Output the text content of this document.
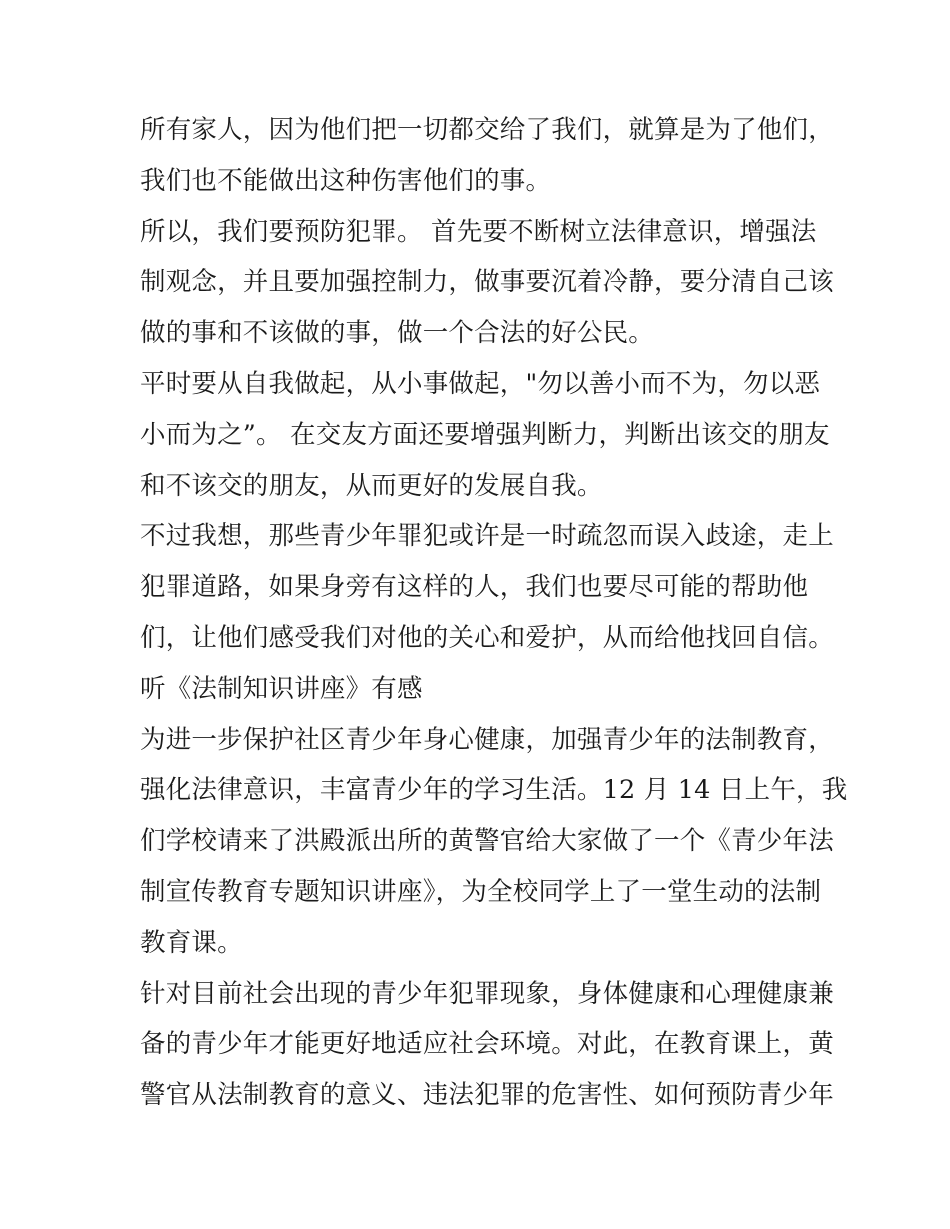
所有家人，因为他们把一切都交给了我们，就算是为了他们，
我们也不能做出这种伤害他们的事。

所以，我们要预防犯罪。 首先要不断树立法律意识，增强法
制观念，并且要加强控制力，做事要沉着冷静，要分清自己该
做的事和不该做的事，做一个合法的好公民。

平时要从自我做起，从小事做起，"勿以善小而不为，勿以恶
小而为之”。 在交友方面还要增强判断力，判断出该交的朋友
和不该交的朋友，从而更好的发展自我。

不过我想，那些青少年罪犯或许是一时疏忽而误入歧途，走上
犯罪道路，如果身旁有这样的人，我们也要尽可能的帮助他
们，让他们感受我们对他的关心和爱护，从而给他找回自信。

听《法制知识讲座》有感

为进一步保护社区青少年身心健康，加强青少年的法制教育，
强化法律意识，丰富青少年的学习生活。12 月 14 日上午，我
们学校请来了洪殿派出所的黄警官给大家做了一个《青少年法
制宣传教育专题知识讲座》，为全校同学上了一堂生动的法制
教育课。

针对目前社会出现的青少年犯罪现象，身体健康和心理健康兼
备的青少年才能更好地适应社会环境。对此，在教育课上，黄
警官从法制教育的意义、违法犯罪的危害性、如何预防青少年
